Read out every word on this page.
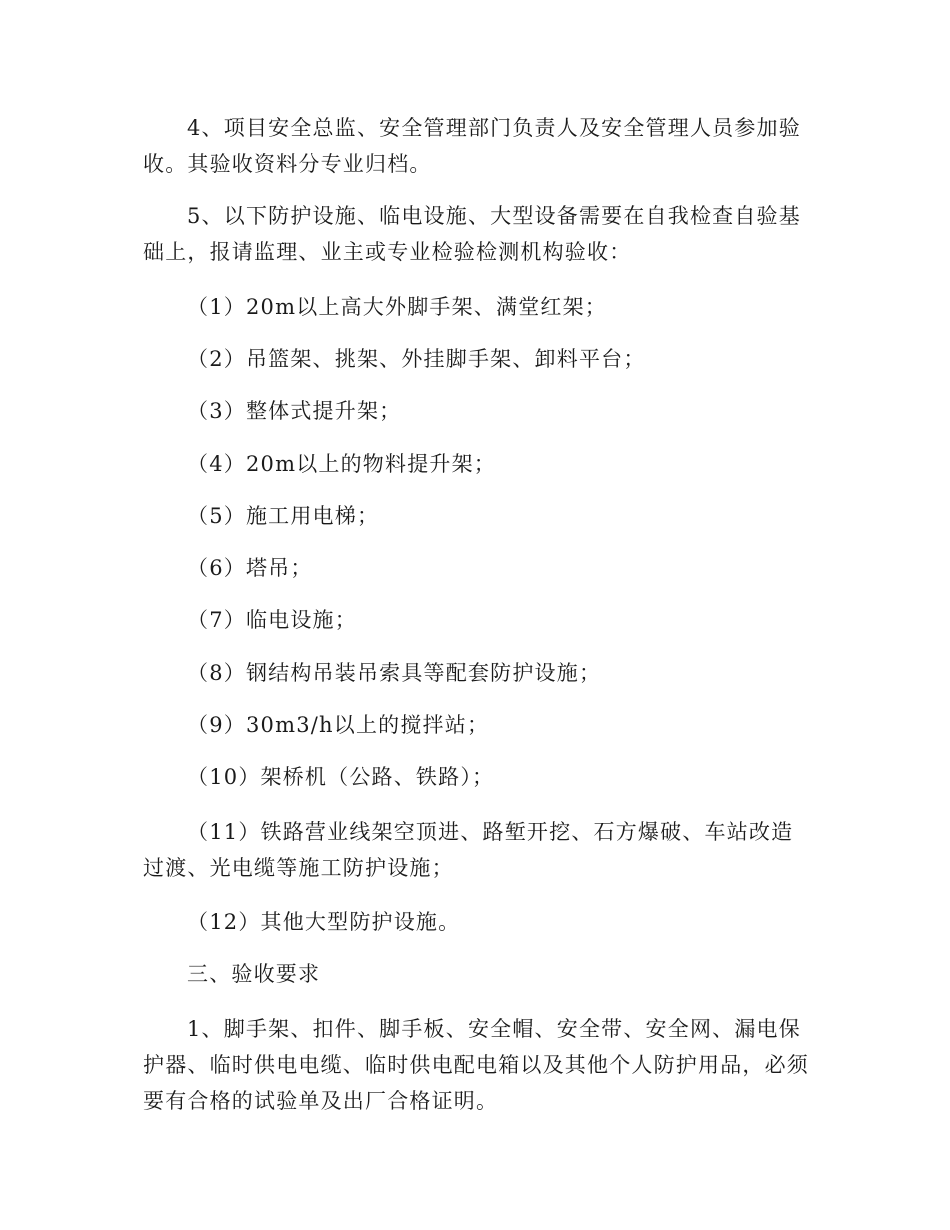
4、项目安全总监、安全管理部门负责人及安全管理人员参加验收。其验收资料分专业归档。
5、以下防护设施、临电设施、大型设备需要在自我检查自验基础上，报请监理、业主或专业检验检测机构验收：
（1）20m以上高大外脚手架、满堂红架；
（2）吊篮架、挑架、外挂脚手架、卸料平台；
（3）整体式提升架；
（4）20m以上的物料提升架；
（5）施工用电梯；
（6）塔吊；
（7）临电设施；
（8）钢结构吊装吊索具等配套防护设施；
（9）30m3/h以上的搅拌站；
（10）架桥机（公路、铁路）；
（11）铁路营业线架空顶进、路堑开挖、石方爆破、车站改造过渡、光电缆等施工防护设施；
（12）其他大型防护设施。
三、验收要求
1、脚手架、扣件、脚手板、安全帽、安全带、安全网、漏电保护器、临时供电电缆、临时供电配电箱以及其他个人防护用品，必须要有合格的试验单及出厂合格证明。
